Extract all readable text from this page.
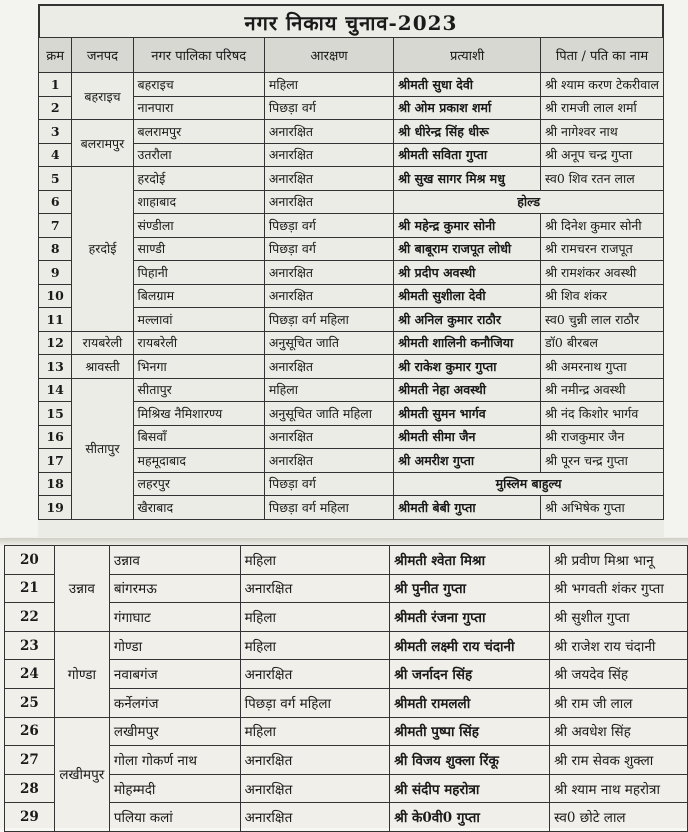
नगर निकाय चुनाव-2023
क्रम	जनपद	नगर पालिका परिषद	आरक्षण	प्रत्याशी	पिता / पति का नाम
1	बहराइच	बहराइच	महिला	श्रीमती सुधा देवी	श्री श्याम करण टेकरीवाल
2		नानपारा	पिछड़ा वर्ग	श्री ओम प्रकाश शर्मा	श्री रामजी लाल शर्मा
3	बलरामपुर	बलरामपुर	अनारक्षित	श्री धीरेन्द्र सिंह धीरू	श्री नागेश्वर नाथ
4		उतरौला	अनारक्षित	श्रीमती सविता गुप्ता	श्री अनूप चन्द्र गुप्ता
5	हरदोई	हरदोई	अनारक्षित	श्री सुख सागर मिश्र मधु	स्व0 शिव रतन लाल
6		शाहाबाद	अनारक्षित	होल्ड	
7		संण्डीला	पिछड़ा वर्ग	श्री महेन्द्र कुमार सोनी	श्री दिनेश कुमार सोनी
8		साण्डी	पिछड़ा वर्ग	श्री बाबूराम राजपूत लोधी	श्री रामचरन राजपूत
9		पिहानी	अनारक्षित	श्री प्रदीप अवस्थी	श्री रामशंकर अवस्थी
10		बिलग्राम	अनारक्षित	श्रीमती सुशीला देवी	श्री शिव शंकर
11		मल्लावां	पिछड़ा वर्ग महिला	श्री अनिल कुमार राठौर	स्व0 चुन्नी लाल राठौर
12	रायबरेली	रायबरेली	अनुसूचित जाति	श्रीमती शालिनी कनौजिया	डॉ0 बीरबल
13	श्रावस्ती	भिनगा	अनारक्षित	श्री राकेश कुमार गुप्ता	श्री अमरनाथ गुप्ता
14	सीतापुर	सीतापुर	महिला	श्रीमती नेहा अवस्थी	श्री नमीन्द्र अवस्थी
15		मिश्रिख नैमिशारण्य	अनुसूचित जाति महिला	श्रीमती सुमन भार्गव	श्री नंद किशोर भार्गव
16		बिसवाँ	अनारक्षित	श्रीमती सीमा जैन	श्री राजकुमार जैन
17		महमूदाबाद	अनारक्षित	श्री अमरीश गुप्ता	श्री पूरन चन्द्र गुप्ता
18		लहरपुर	पिछड़ा वर्ग	मुस्लिम बाहुल्य	
19		खैराबाद	पिछड़ा वर्ग महिला	श्रीमती बेबी गुप्ता	श्री अभिषेक गुप्ता
20	उन्नाव	उन्नाव	महिला	श्रीमती श्वेता मिश्रा	श्री प्रवीण मिश्रा भानू
21		बांगरमऊ	अनारक्षित	श्री पुनीत गुप्ता	श्री भगवती शंकर गुप्ता
22		गंगाघाट	महिला	श्रीमती रंजना गुप्ता	श्री सुशील गुप्ता
23	गोण्डा	गोण्डा	महिला	श्रीमती लक्ष्मी राय चंदानी	श्री राजेश राय चंदानी
24		नवाबगंज	अनारक्षित	श्री जर्नादन सिंह	श्री जयदेव सिंह
25		कर्नेलगंज	पिछड़ा वर्ग महिला	श्रीमती रामलली	श्री राम जी लाल
26	लखीमपुर	लखीमपुर	महिला	श्रीमती पुष्पा सिंह	श्री अवधेश सिंह
27		गोला गोकर्ण नाथ	अनारक्षित	श्री विजय शुक्ला रिंकू	श्री राम सेवक शुक्ला
28		मोहम्मदी	अनारक्षित	श्री संदीप महरोत्रा	श्री श्याम नाथ महरोत्रा
29		पलिया कलां	अनारक्षित	श्री के0वी0 गुप्ता	स्व0 छोटे लाल
